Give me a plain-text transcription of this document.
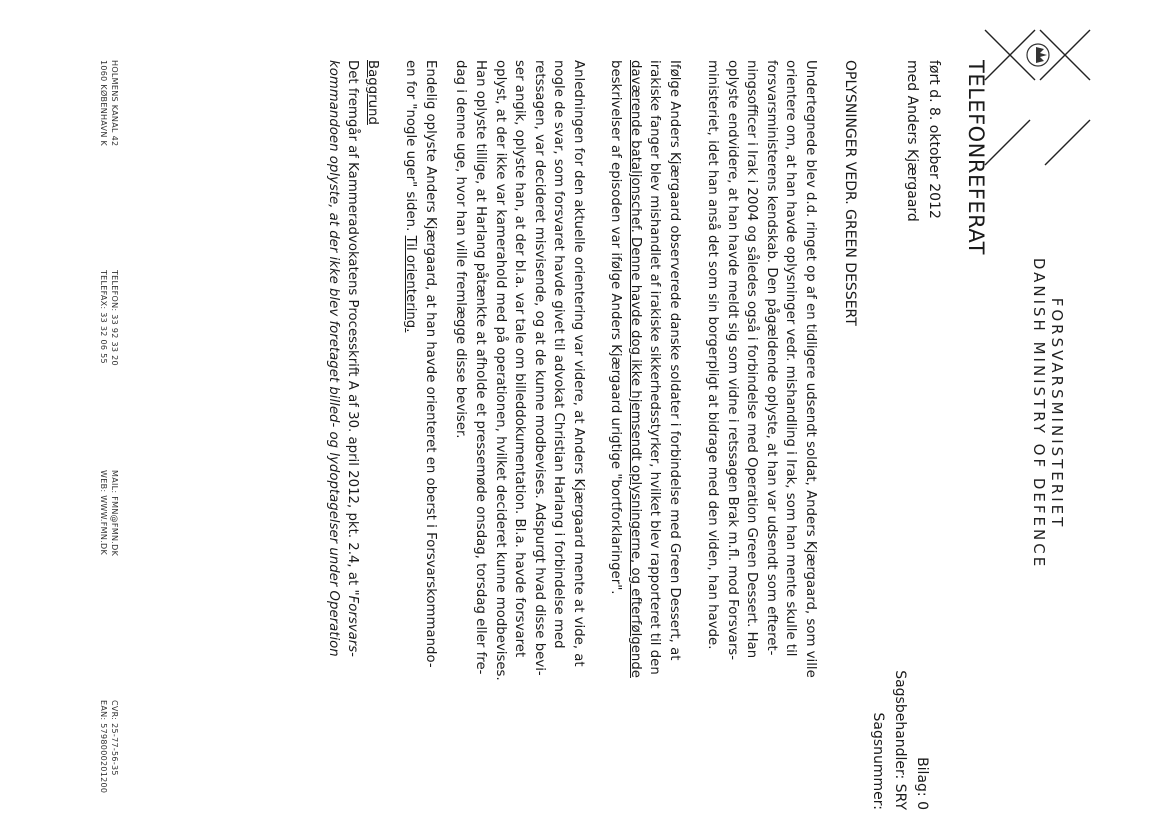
FORSVARSMINISTERIET
DANISH MINISTRY OF DEFENCE
Bilag: 0
Sagsbehandler: SRY
Sagsnummer:
TELEFONREFERAT
ført d. 8. oktober 2012
med Anders Kjærgaard
OPLYSNINGER VEDR. GREEN DESSERT
Undertegnede blev d.d. ringet op af en tidligere udsendt soldat, Anders Kjærgaard, som ville
orientere om, at han havde oplysninger vedr. mishandling i Irak, som han mente skulle til
forsvarsministerens kendskab. Den pågældende oplyste, at han var udsendt som efteret-
ningsofficer i Irak i 2004 og således også i forbindelse med Operation Green Dessert. Han
oplyste endvidere, at han havde meldt sig som vidne i retssagen Brak m.fl. mod Forsvars-
ministeriet, idet han anså det som sin borgerpligt at bidrage med den viden, han havde.
Ifølge Anders Kjærgaard observerede danske soldater i forbindelse med Green Dessert, at
irakiske fanger blev mishandlet af irakiske sikkerhedsstyrker, hvilket blev rapporteret til den
daværende bataljonschef. Denne havde dog ikke hjemsendt oplysningerne, og efterfølgende
beskrivelser af episoden var ifølge Anders Kjærgaard urigtige "bortforklaringer".
Anledningen for den aktuelle orientering var videre, at Anders Kjærgaard mente at vide, at
nogle de svar, som forsvaret havde givet til advokat Christian Harlang i forbindelse med
retssagen, var decideret misvisende, og at de kunne modbevises. Adspurgt hvad disse bevi-
ser angik, oplyste han, at der bl.a. var tale om billeddokumentation. Bl.a. havde forsvaret
oplyst, at der ikke var kamerahold med på operationen, hvilket decideret kunne modbevises.
Han oplyste tillige, at Harlang påtænkte at afholde et pressemøde onsdag, torsdag eller fre-
dag i denne uge, hvor han ville fremlægge disse beviser.
Endelig oplyste Anders Kjærgaard, at han havde orienteret en oberst i Forsvarskommando-
en for "nogle uger" siden. Til orientering.
Baggrund
Det fremgår af Kammeradvokatens Processkrift A af 30. april 2012, pkt. 2.4, at "Forsvars-
kommandoen oplyste, at der ikke blev foretaget billed- og lydoptagelser under Operation
HOLMENS KANAL 42
1060 KØBENHAVN K
TELEFON: 33 92 33 20
TELEFAX: 33 32 06 55
MAIL: FMN@FMN.DK
WEB: WWW.FMN.DK
CVR: 25-77-56-35
EAN: 5798000201200
